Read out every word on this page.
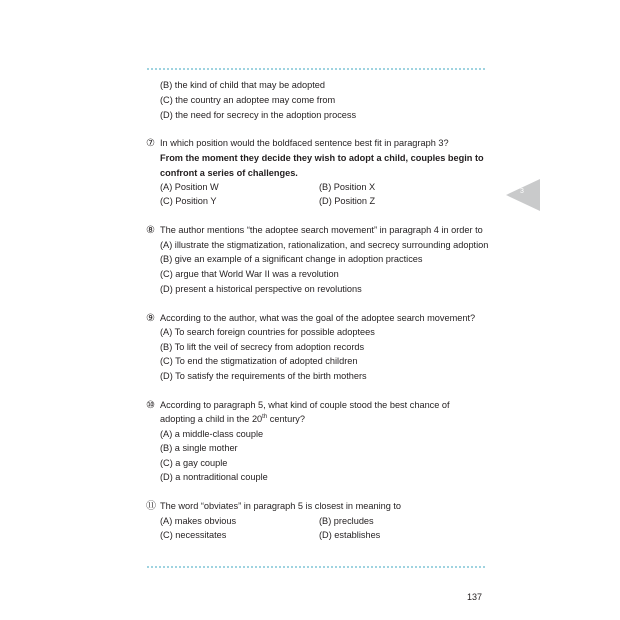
(B) the kind of child that may be adopted
(C) the country an adoptee may come from
(D) the need for secrecy in the adoption process
⑦ In which position would the boldfaced sentence best fit in paragraph 3?
From the moment they decide they wish to adopt a child, couples begin to
confront a series of challenges.
(A) Position W	(B) Position X
(C) Position Y	(D) Position Z
3
⑧ The author mentions “the adoptee search movement” in paragraph 4 in order to
(A) illustrate the stigmatization, rationalization, and secrecy surrounding adoption
(B) give an example of a significant change in adoption practices
(C) argue that World War II was a revolution
(D) present a historical perspective on revolutions
⑨ According to the author, what was the goal of the adoptee search movement?
(A) To search foreign countries for possible adoptees
(B) To lift the veil of secrecy from adoption records
(C) To end the stigmatization of adopted children
(D) To satisfy the requirements of the birth mothers
⑩ According to paragraph 5, what kind of couple stood the best chance of
adopting a child in the 20th century?
(A) a middle-class couple
(B) a single mother
(C) a gay couple
(D) a nontraditional couple
⑪ The word “obviates” in paragraph 5 is closest in meaning to
(A) makes obvious	(B) precludes
(C) necessitates	(D) establishes
137
